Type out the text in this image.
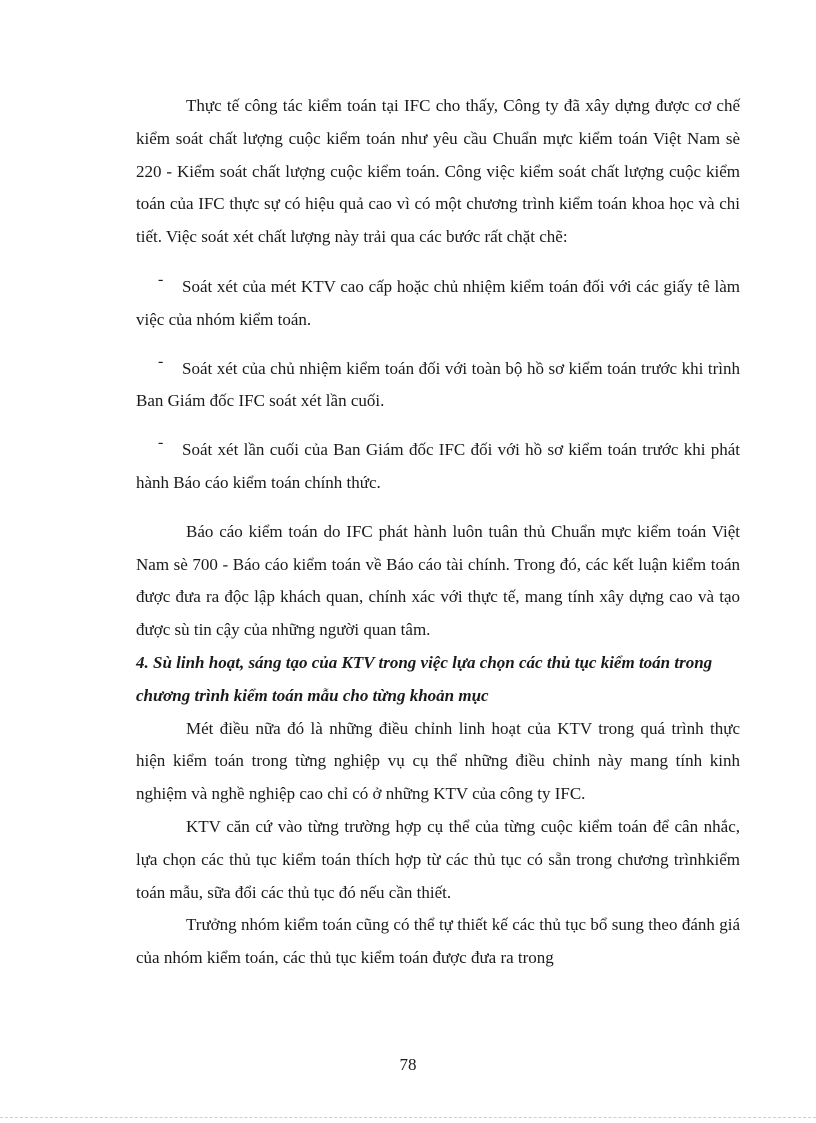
Thực tế công tác kiểm toán tại IFC cho thấy, Công ty đã xây dựng được cơ chế kiểm soát chất lượng cuộc kiểm toán như yêu cầu Chuẩn mực kiểm toán Việt Nam sè 220 - Kiểm soát chất lượng cuộc kiểm toán. Công việc kiểm soát chất lượng cuộc kiểm toán của IFC thực sự có hiệu quả cao vì có một chương trình kiểm toán khoa học và chi tiết. Việc soát xét chất lượng này trải qua các bước rất chặt chẽ:

-	Soát xét của mét KTV cao cấp hoặc chủ nhiệm kiểm toán đối với các giấy tê làm việc của nhóm kiểm toán.

-	Soát xét của chủ nhiệm kiểm toán đối với toàn bộ hồ sơ kiểm toán trước khi trình Ban Giám đốc IFC soát xét lần cuối.

-	Soát xét lần cuối của Ban Giám đốc IFC đối với hồ sơ kiểm toán trước khi phát hành Báo cáo kiểm toán chính thức.

Báo cáo kiểm toán do IFC phát hành luôn tuân thủ Chuẩn mực kiểm toán Việt Nam sè 700 - Báo cáo kiểm toán về Báo cáo tài chính. Trong đó, các kết luận kiểm toán được đưa ra độc lập khách quan, chính xác với thực tế, mang tính xây dựng cao và tạo được sù tin cậy của những người quan tâm.

4. Sù linh hoạt, sáng tạo của KTV trong việc lựa chọn các thủ tục kiểm toán trong chương trình kiểm toán mẫu cho từng khoản mục

Mét điều nữa đó là những điều chỉnh linh hoạt của KTV trong quá trình thực hiện kiểm toán trong từng nghiệp vụ cụ thể những điều chỉnh này mang tính kinh nghiệm và nghề nghiệp cao chỉ có ở những KTV của công ty IFC.

KTV căn cứ vào từng trường hợp cụ thể của từng cuộc kiểm toán để cân nhắc, lựa chọn các thủ tục kiểm toán thích hợp từ các thủ tục có sẵn trong chương trìnhkiểm toán mẫu, sữa đổi các thủ tục đó nếu cần thiết.

Trưởng nhóm kiểm toán cũng có thể tự thiết kế các thủ tục bổ sung theo đánh giá của nhóm kiểm toán, các thủ tục kiểm toán được đưa ra trong

78
